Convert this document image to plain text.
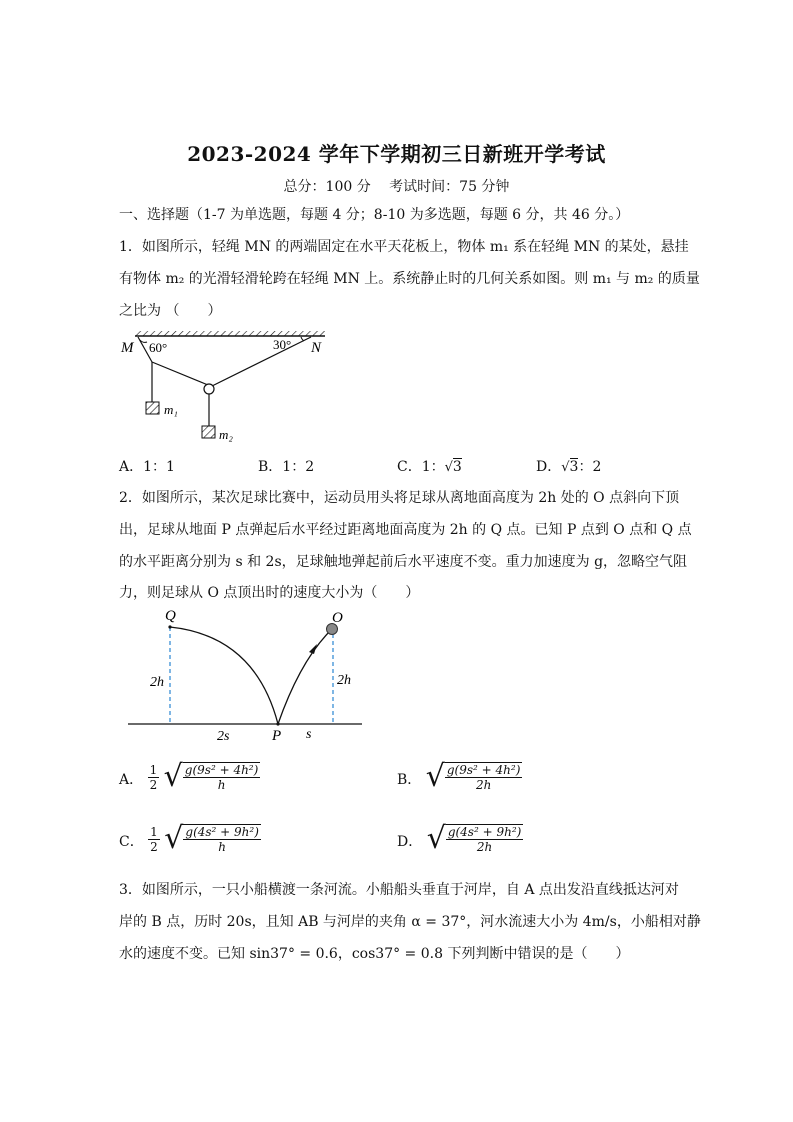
2023-2024 学年下学期初三日新班开学考试
总分：100 分　 考试时间：75 分钟
一、选择题（1-7 为单选题，每题 4 分；8-10 为多选题，每题 6 分，共 46 分。）
1．如图所示，轻绳 MN 的两端固定在水平天花板上，物体 m₁ 系在轻绳 MN 的某处，悬挂
有物体 m₂ 的光滑轻滑轮跨在轻绳 MN 上。系统静止时的几何关系如图。则 m₁ 与 m₂ 的质量
之比为 （　　）
M 60°	30° N
m₁
m₂
A．1：1	B．1：2	C．1：√3	D．√3：2
2．如图所示，某次足球比赛中，运动员用头将足球从离地面高度为 2h 处的 O 点斜向下顶
出，足球从地面 P 点弹起后水平经过距离地面高度为 2h 的 Q 点。已知 P 点到 O 点和 Q 点
的水平距离分别为 s 和 2s，足球触地弹起前后水平速度不变。重力加速度为 g，忽略空气阻
力，则足球从 O 点顶出时的速度大小为（　　）
Q	O
2h	2h
2s	P s
A． $\frac{1}{2}$ √ $\frac{\text{g(9s² + 4h²)}}{h}$	B． √ $\frac{\text{g(9s² + 4h²)}}{2h}$
C． $\frac{1}{2}$ √ $\frac{\text{g(4s² + 9h²)}}{h}$	D． √ $\frac{\text{g(4s² + 9h²)}}{2h}$
3．如图所示，一只小船横渡一条河流。小船船头垂直于河岸，自 A 点出发沿直线抵达河对
岸的 B 点，历时 20s，且知 AB 与河岸的夹角 α = 37°，河水流速大小为 4m/s，小船相对静
水的速度不变。已知 sin37° = 0.6，cos37° = 0.8 下列判断中错误的是（　　）
